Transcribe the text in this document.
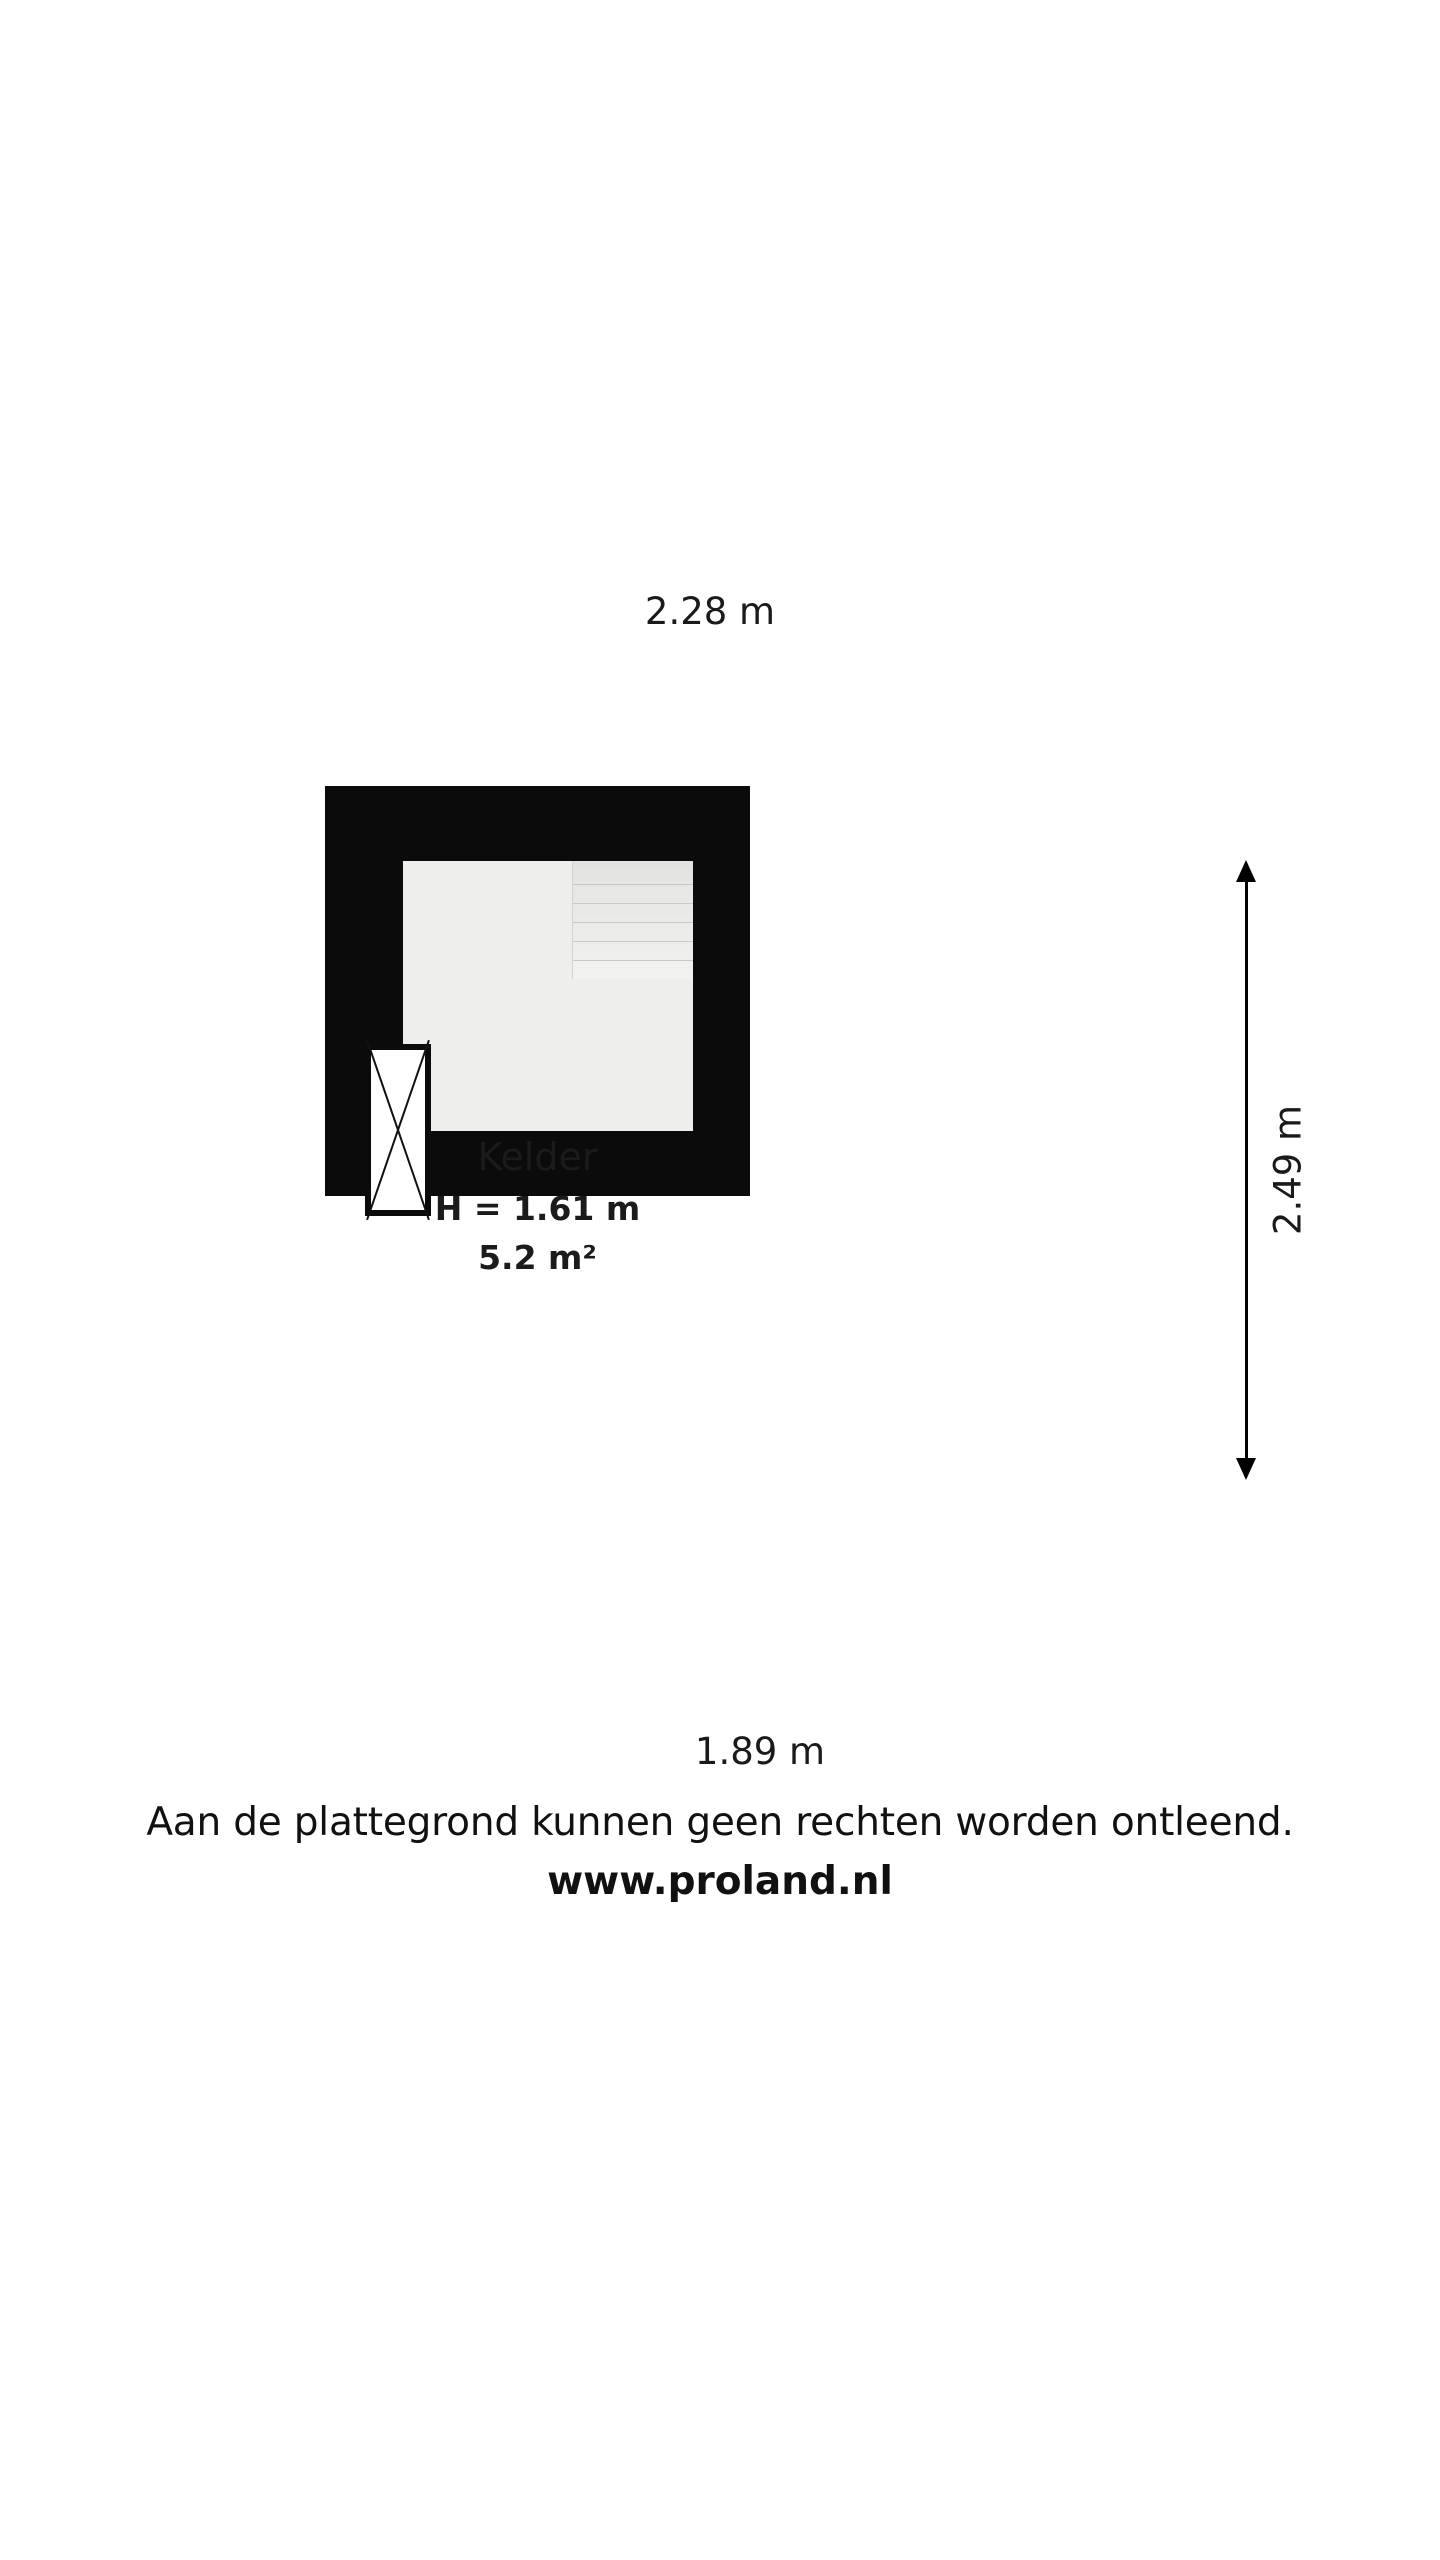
2.28 m
2.49 m
Kelder
H = 1.61 m
5.2 m²
1.89 m
Aan de plattegrond kunnen geen rechten worden ontleend.
www.proland.nl
